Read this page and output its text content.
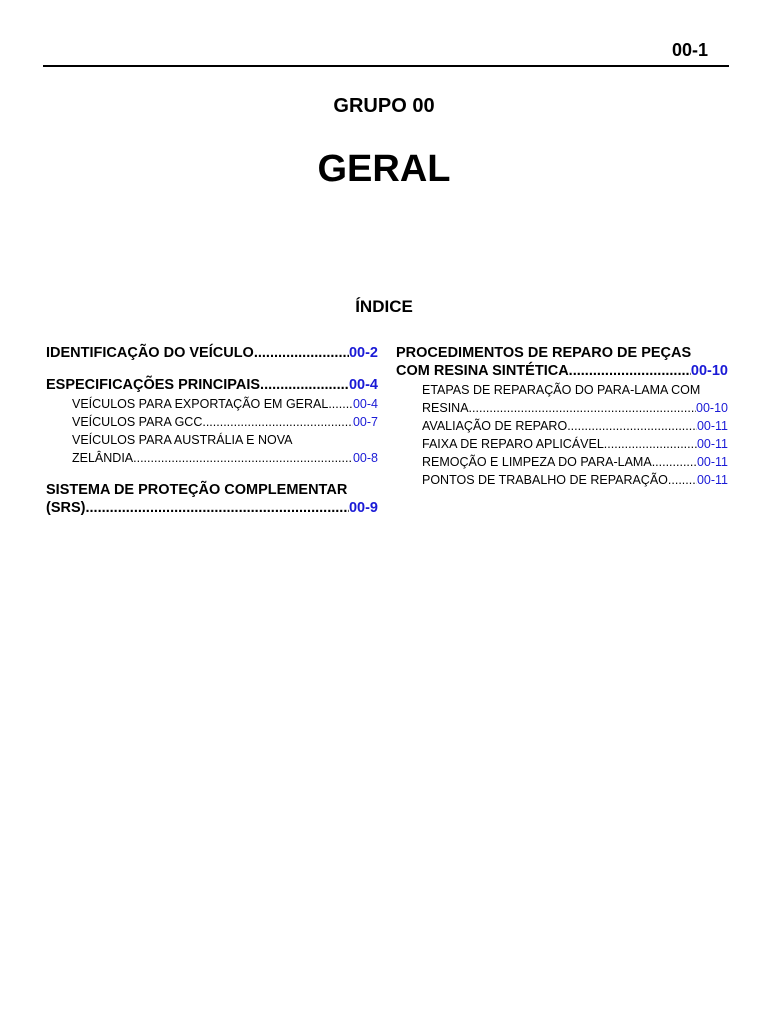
00-1
GRUPO 00
GERAL
ÍNDICE
IDENTIFICAÇÃO DO VEÍCULO .....	00-2
ESPECIFICAÇÕES PRINCIPAIS .....	00-4
VEÍCULOS PARA EXPORTAÇÃO EM GERAL ..... 00-4
VEÍCULOS PARA GCC .....	00-7
VEÍCULOS PARA AUSTRÁLIA E NOVA
ZELÂNDIA .....	00-8
SISTEMA DE PROTEÇÃO COMPLEMENTAR
(SRS) .....	00-9
PROCEDIMENTOS DE REPARO DE PEÇAS
COM RESINA SINTÉTICA .....	00-10
ETAPAS DE REPARAÇÃO DO PARA-LAMA COM
RESINA .....	00-10
AVALIAÇÃO DE REPARO .....	00-11
FAIXA DE REPARO APLICÁVEL .....	00-11
REMOÇÃO E LIMPEZA DO PARA-LAMA .....	00-11
PONTOS DE TRABALHO DE REPARAÇÃO ..... 00-11
